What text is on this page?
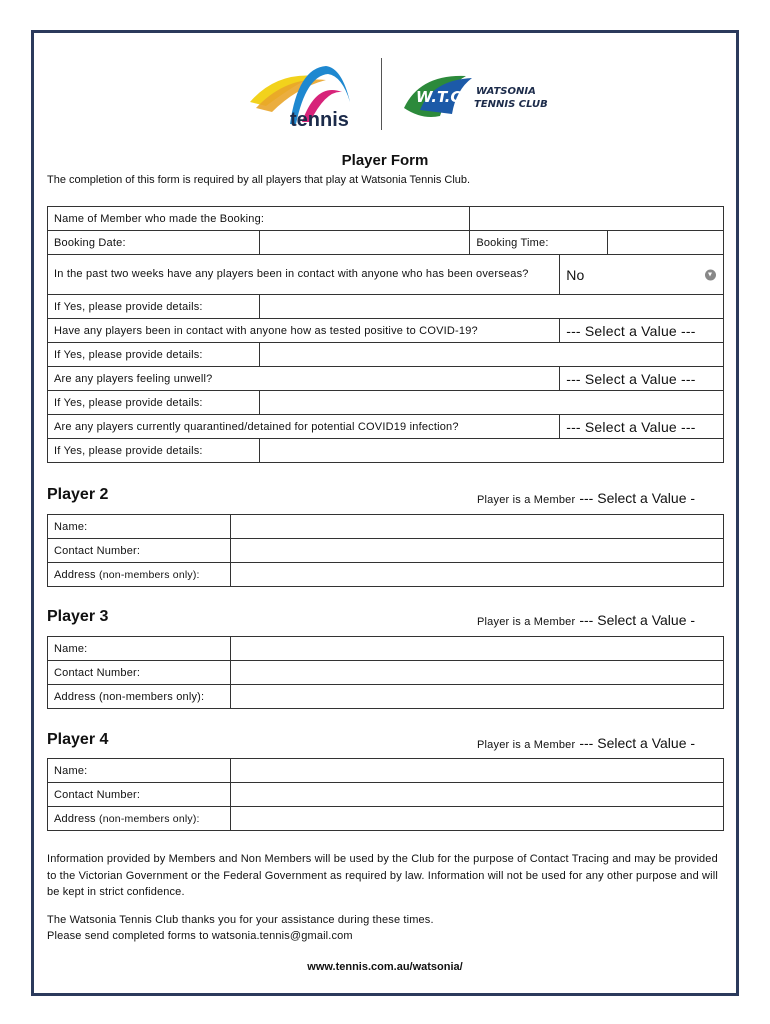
tennis
W.T.C WATSONIA
TENNIS CLUB
Player Form
The completion of this form is required by all players that play at Watsonia Tennis Club.
Name of Member who made the Booking:				
Booking Date:		Booking Time:		
In the past two weeks have any players been in contact with anyone who has been overseas?			No	

If Yes, please provide details:				
Have any players been in contact with anyone how as tested positive to COVID-19?			--- Select a Value ---	
If Yes, please provide details:				
Are any players feeling unwell?			--- Select a Value ---	
If Yes, please provide details:				
Are any players currently quarantined/detained for potential COVID19 infection?			--- Select a Value ---	
If Yes, please provide details:				
Player 2	Player is a Member --- Select a Value -
Name:	
Contact Number:	
Address (non-members only):	
Player 3	Player is a Member --- Select a Value -
Name:	
Contact Number:	
Address (non-members only):	
Player 4	Player is a Member --- Select a Value -
Name:	
Contact Number:	
Address (non-members only):	
Information provided by Members and Non Members will be used by the Club for the purpose of Contact Tracing and may be provided to the Victorian Government or the Federal Government as required by law. Information will not be used for any other purpose and will be kept in strict confidence.
The Watsonia Tennis Club thanks you for your assistance during these times.
Please send completed forms to watsonia.tennis@gmail.com
www.tennis.com.au/watsonia/
